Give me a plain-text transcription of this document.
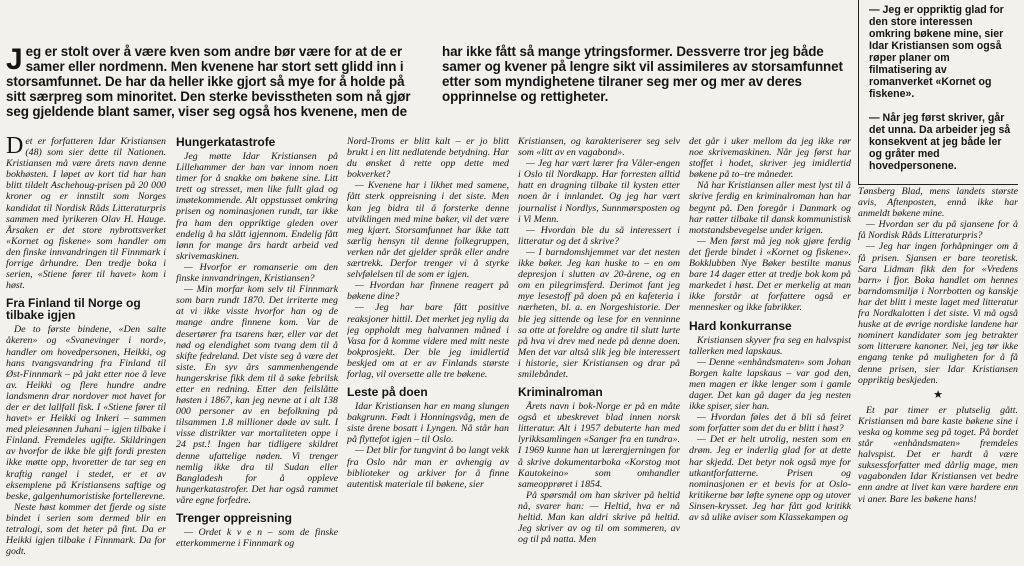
Jeg er stolt over å være kven som andre bør være for at de er samer eller nordmenn. Men kvenene har stort sett glidd inn i storsamfunnet. De har da heller ikke gjort så mye for å holde på sitt særpreg som minoritet. Den sterke bevisstheten som nå gjør seg gjeldende blant samer, viser seg også hos kvenene, men de har ikke fått så mange ytringsformer. Dessverre tror jeg både samer og kvener på lengre sikt vil assimileres av storsamfunnet etter som myndighetene tilraner seg mer og mer av deres opprinnelse og rettigheter.

— Jeg er oppriktig glad for den store interessen omkring bøkene mine, sier Idar Kristiansen som også røper planer om filmatisering av romanverket «Kornet og fiskene».

— Når jeg først skriver, går det unna. Da arbeider jeg så konsekvent at jeg både ler og gråter med hovedpersonene.

Det er forfatteren Idar Kristiansen (48) som sier dette til Nationen. Kristiansen må være årets navn denne bokhøsten. I løpet av kort tid har han blitt tildelt Aschehoug-prisen på 20 000 kroner og er innstilt som Norges kandidat til Nordisk Råds Litteraturpris sammen med lyrikeren Olav H. Hauge. Årsaken er det store nybrottsverket «Kornet og fiskene» som handler om den finske innvandringen til Finnmark i forrige århundre. Den tredje boka i serien, «Stiene fører til havet» kom i høst.

Fra Finland til Norge og tilbake igjen

De to første bindene, «Den salte åkeren» og «Svanevinger i nord», handler om hovedpersonen, Heikki, og hans tvangsvandring fra Finland til Øst-Finnmark – på jakt etter noe å leve av. Heikki og flere hundre andre landsmenn drar nordover mot havet for der er det lallfall fisk. I «Stiene fører til havet» er Heikki og Inkeri – sammen med pleiesønnen Juhani – igjen tilbake i Finland. Fremdeles ugifte. Skildringen av hvorfor de ikke ble gift fordi presten ikke møtte opp, hvoretter de tar seg en kraftig rangel i stedet, er et av eksemplene på Kristiansens saftige og beske, galgenhumoristiske fortellerevne.

Neste høst kommer det fjerde og siste bindet i serien som dermed blir en tetralogi, som det heter på fint. Da er Heikki igjen tilbake i Finnmark. Da for godt.

Hungerkatastrofe

Jeg møtte Idar Kristiansen på Lillehammer der han var innom noen timer for å snakke om bøkene sine. Litt trett og stresset, men like fullt glad og imøtekommende. Alt oppstusset omkring prisen og nominasjonen rundt, tar ikke fra ham den oppriktige gleden over endelig å ha slått igjennom. Endelig fått lønn for mange års hardt arbeid ved skrivemaskinen.

— Hvorfor er romanserie om den finske innvandringen, Kristiansen?

— Min morfar kom selv til Finnmark som barn rundt 1870. Det irriterte meg at vi ikke visste hvorfor han og de mange andre finnene kom. Var de desertører fra tsarens hær, eller var det nød og elendighet som tvang dem til å skifte fedreland. Det viste seg å være det siste. En syv års sammenhengende hungerskrise fikk dem til å søke febrilsk etter en redning. Etter den feilslåtte høsten i 1867, kan jeg nevne at i alt 138 000 personer av en befolkning på tilsammen 1.8 millioner døde av sult. I visse distrikter var mortaliteten oppe i 24 pst.! Ingen har tidligere skildret denne ufattelige nøden. Vi trenger nemlig ikke dra til Sudan eller Bangladesh for å oppleve hungerkatastrofer. Det har også rammet våre egne forfedre.

Trenger oppreisning

— Ordet k v e n – som de finske etterkommerne i Finnmark og

Nord-Troms er blitt kalt – er jo blitt brukt i en litt nedlatende betydning. Har du ønsket å rette opp dette med bokverket?

— Kvenene har i likhet med samene, fått sterk oppreisning i det siste. Men kan jeg bidra til å forsterke denne utviklingen med mine bøker, vil det være meg kjært. Storsamfunnet har ikke tatt særlig hensyn til denne folkegruppen, verken når det gjelder språk eller andre særtrekk. Derfor trenger vi å styrke selvfølelsen til de som er igjen.

— Hvordan har finnene reagert på bøkene dine?

— Jeg har bare fått positive reaksjoner hittil. Det merket jeg nylig da jeg oppholdt meg halvannen måned i Vasa for å komme videre med mitt neste bokprosjekt. Der ble jeg imidlertid beskjed om at er av Finlands største forlag, vil oversette alle tre bøkene.

Leste på doen

Idar Kristiansen har en mang slungen bakgrunn. Født i Honningsvåg, men de siste årene bosatt i Lyngen. Nå står han på flyttefot igjen – til Oslo.

— Det blir for tungvint å bo langt vekk fra Oslo når man er avhengig av biblioteker og arkiver for å finne autentisk materiale til bøkene, sier

Kristiansen, og karakteriserer seg selv som «litt av en vagabond».

— Jeg har vært lærer fra Våler-engen i Oslo til Nordkapp. Har forresten alltid hatt en dragning tilbake til kysten etter noen år i innlandet. Og jeg har vært journalist i Nordlys, Sunnmørsposten og i Vi Menn.

— Hvordan ble du så interessert i litteratur og det å skrive?

— I barndomshjemmet var det nesten ikke bøker. Jeg kan huske to – en om depresjon i slutten av 20-årene, og en om en pilegrimsferd. Derimot fant jeg mye lesestoff på doen på en kafeteria i nærheten, bl. a. en Norgeshistorie. Der ble jeg sittende og lese for en venninne sa otte at foreldre og andre til slutt lurte på hva vi drev med nede på denne doen. Men det var altså slik jeg ble interessert i historie, sier Kristiansen og drar på smilebåndet.

Kriminalroman

Årets navn i bok-Norge er på en måte også et ubeskrevet blad innen norsk litteratur. Alt i 1957 debuterte han med lyrikksamlingen «Sanger fra en tundra». I 1969 kunne han ut lærergjerningen for å skrive dokumentarboka «Korstog mot Kautokeino» som omhandler sameopprøret i 1854.

På spørsmål om han skriver på heltid nå, svarer han: — Heltid, hva er nå heltid. Man kan aldri skrive på heltid. Jeg skriver av og til om sommeren, av og til på natta. Men

det går i uker mellom da jeg ikke rør noe skrivemaskinen. Når jeg først har stoffet i hodet, skriver jeg imidlertid bøkene på to–tre måneder.

Nå har Kristiansen aller mest lyst til å skrive ferdig en kriminalroman han har begynt på. Den foregår i Danmark og har røtter tilbake til dansk kommunistisk motstandsbevegelse under krigen.

— Men først må jeg nok gjøre ferdig det fjerde bindet i «Kornet og fiskene». Bokklubben Nye Bøker bestilte manus bare 14 dager etter at tredje bok kom på markedet i høst. Det er merkelig at man ikke forstår at forfattere også er mennesker og ikke fabrikker.

Hard konkurranse

Kristiansen skyver fra seg en halvspist tallerken med lapskaus.

— Denne «enhåndsmaten» som Johan Borgen kalte lapskaus – var god den, men magen er ikke lenger som i gamle dager. Det kan gå dager da jeg nesten ikke spiser, sier han.

— Hvordan føles det å bli så feiret som forfatter som det du er blitt i høst?

— Det er helt utrolig, nesten som en drøm. Jeg er inderlig glad for at dette har skjedd. Det betyr nok også mye for utkantforfatterne. Prisen og nominasjonen er et bevis for at Oslo-kritikerne bør løfte synene opp og utover Sinsen-krysset. Jeg har fått god kritikk av så ulike aviser som Klassekampen og

Tønsberg Blad, mens landets største avis, Aftenposten, ennå ikke har anmeldt bøkene mine.

— Hvordan ser du på sjansene for å få Nordisk Råds Litteraturpris?

— Jeg har ingen forhåpninger om å få prisen. Sjansen er bare teoretisk. Sara Lidman fikk den for «Vredens barn» i fjor. Boka handlet om hennes barndomsmiljø i Norrbotten og kanskje har det blitt i meste laget med litteratur fra Nordkalotten i det siste. Vi må også huske at de øvrige nordiske landene har nominert kandidater som jeg betrakter som litterære kanoner. Nei, jeg tør ikke engang tenke på muligheten for å få denne prisen, sier Idar Kristiansen oppriktig beskjeden.

★

Et par timer er plutselig gått. Kristiansen må bare kaste bøkene sine i veska og komme seg på toget. På bordet står «enhåndsmaten» fremdeles halvspist. Det er hardt å være suksessforfatter med dårlig mage, men vagabonden Idar Kristiansen vet bedre enn andre at livet kan være hardere enn vi aner. Bare les bøkene hans!
